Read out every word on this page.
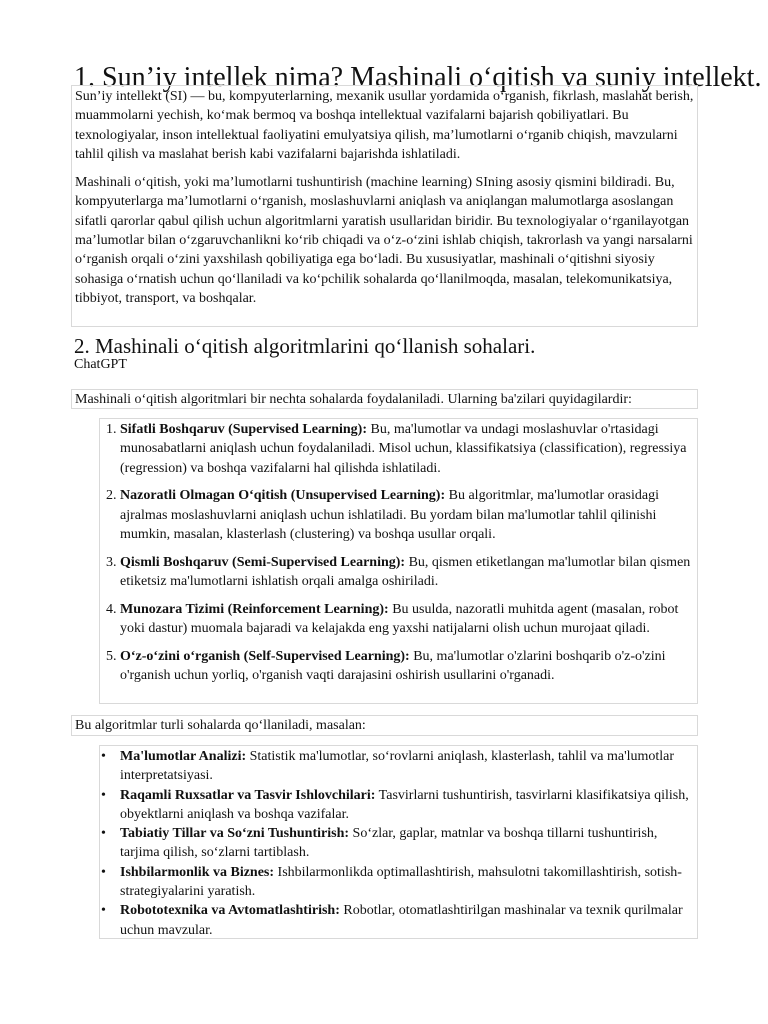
1. Sun’iy intellek nima? Mashinali o‘qitish va suniy intellekt.

Sun’iy intellekt (SI) — bu, kompyuterlarning, mexanik usullar yordamida o‘rganish, fikrlash, maslahat berish, muammolarni yechish, ko‘mak bermoq va boshqa intellektual vazifalarni bajarish qobiliyatlari. Bu texnologiyalar, inson intellektual faoliyatini emulyatsiya qilish, ma’lumotlarni o‘rganib chiqish, mavzularni tahlil qilish va maslahat berish kabi vazifalarni bajarishda ishlatiladi.

Mashinali o‘qitish, yoki ma’lumotlarni tushuntirish (machine learning) SIning asosiy qismini bildiradi. Bu, kompyuterlarga ma’lumotlarni o‘rganish, moslashuvlarni aniqlash va aniqlangan malumotlarga asoslangan sifatli qarorlar qabul qilish uchun algoritmlarni yaratish usullaridan biridir. Bu texnologiyalar o‘rganilayotgan ma’lumotlar bilan o‘zgaruvchanlikni ko‘rib chiqadi va o‘z-o‘zini ishlab chiqish, takrorlash va yangi narsalarni o‘rganish orqali o‘zini yaxshilash qobiliyatiga ega bo‘ladi. Bu xususiyatlar, mashinali o‘qitishni siyosiy sohasiga o‘rnatish uchun qo‘llaniladi va ko‘pchilik sohalarda qo‘llanilmoqda, masalan, telekomunikatsiya, tibbiyot, transport, va boshqalar.

2. Mashinali o‘qitish algoritmlarini qo‘llanish sohalari.
ChatGPT

Mashinali o‘qitish algoritmlari bir nechta sohalarda foydalaniladi. Ularning ba'zilari quyidagilardir:

1. Sifatli Boshqaruv (Supervised Learning): Bu, ma'lumotlar va undagi moslashuvlar o'rtasidagi munosabatlarni aniqlash uchun foydalaniladi. Misol uchun, klassifikatsiya (classification), regressiya (regression) va boshqa vazifalarni hal qilishda ishlatiladi.
2. Nazoratli Olmagan O‘qitish (Unsupervised Learning): Bu algoritmlar, ma'lumotlar orasidagi ajralmas moslashuvlarni aniqlash uchun ishlatiladi. Bu yordam bilan ma'lumotlar tahlil qilinishi mumkin, masalan, klasterlash (clustering) va boshqa usullar orqali.
3. Qismli Boshqaruv (Semi-Supervised Learning): Bu, qismen etiketlangan ma'lumotlar bilan qismen etiketsiz ma'lumotlarni ishlatish orqali amalga oshiriladi.
4. Munozara Tizimi (Reinforcement Learning): Bu usulda, nazoratli muhitda agent (masalan, robot yoki dastur) muomala bajaradi va kelajakda eng yaxshi natijalarni olish uchun murojaat qiladi.
5. O‘z-o‘zini o‘rganish (Self-Supervised Learning): Bu, ma'lumotlar o'zlarini boshqarib o'z-o'zini o'rganish uchun yorliq, o'rganish vaqti darajasini oshirish usullarini o'rganadi.

Bu algoritmlar turli sohalarda qo‘llaniladi, masalan:

• Ma'lumotlar Analizi: Statistik ma'lumotlar, so‘rovlarni aniqlash, klasterlash, tahlil va ma'lumotlar interpretatsiyasi.
• Raqamli Ruxsatlar va Tasvir Ishlovchilari: Tasvirlarni tushuntirish, tasvirlarni klasifikatsiya qilish, obyektlarni aniqlash va boshqa vazifalar.
• Tabiatiy Tillar va So‘zni Tushuntirish: So‘zlar, gaplar, matnlar va boshqa tillarni tushuntirish, tarjima qilish, so‘zlarni tartiblash.
• Ishbilarmonlik va Biznes: Ishbilarmonlikda optimallashtirish, mahsulotni takomillashtirish, sotish-strategiyalarini yaratish.
• Robototexnika va Avtomatlashtirish: Robotlar, otomatlashtirilgan mashinalar va texnik qurilmalar uchun mavzular.
